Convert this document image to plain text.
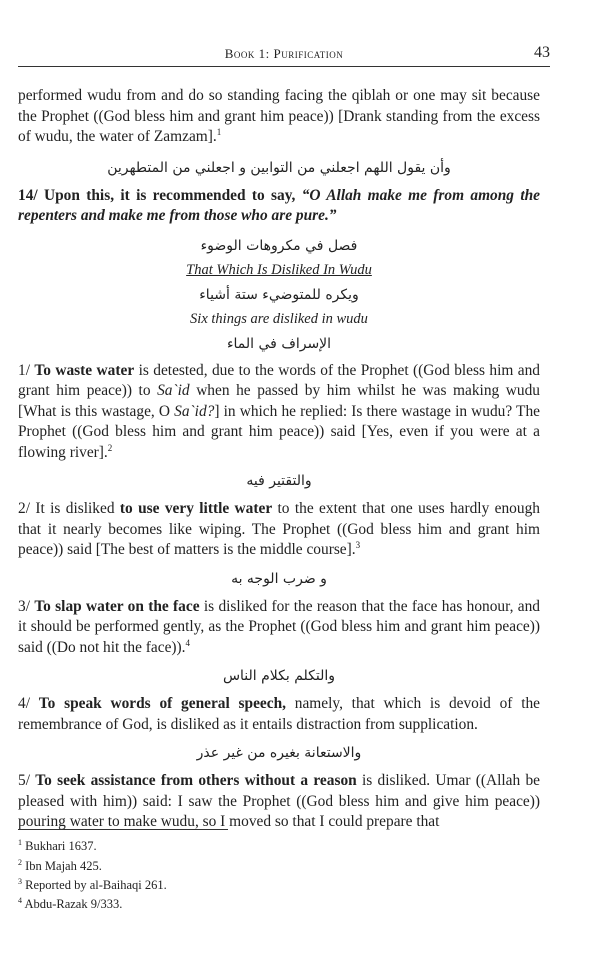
Book 1: Purification	43

performed wudu from and do so standing facing the qiblah or one may sit because the Prophet ((God bless him and grant him peace)) [Drank standing from the excess of wudu, the water of Zamzam].$^1$

وأن يقول اللهم اجعلني من التوابين و اجعلني من المتطهرين

14/ Upon this, it is recommended to say, “O Allah make me from among the repenters and make me from those who are pure.”

فصل في مكروهات الوضوء

That Which Is Disliked In Wudu

ويكره للمتوضيء ستة أشياء

Six things are disliked in wudu

الإسراف في الماء

1/ To waste water is detested, due to the words of the Prophet ((God bless him and grant him peace)) to Sa`id when he passed by him whilst he was making wudu [What is this wastage, O Sa`id?] in which he replied: Is there wastage in wudu? The Prophet ((God bless him and grant him peace)) said [Yes, even if you were at a flowing river].$^2$

والتقتير فيه

2/ It is disliked to use very little water to the extent that one uses hardly enough that it nearly becomes like wiping. The Prophet ((God bless him and grant him peace)) said [The best of matters is the middle course].$^3$

و ضرب الوجه به

3/ To slap water on the face is disliked for the reason that the face has honour, and it should be performed gently, as the Prophet ((God bless him and grant him peace)) said ((Do not hit the face)).$^4$

والتكلم بكلام الناس

4/ To speak words of general speech, namely, that which is devoid of the remembrance of God, is disliked as it entails distraction from supplication.

والاستعانة بغيره من غير عذر

5/ To seek assistance from others without a reason is disliked. Umar ((Allah be pleased with him)) said: I saw the Prophet ((God bless him and give him peace)) pouring water to make wudu, so I moved so that I could prepare that

$^1$ Bukhari 1637.
$^2$ Ibn Majah 425.
$^3$ Reported by al-Baihaqi 261.
$^4$ Abdu-Razak 9/333.
